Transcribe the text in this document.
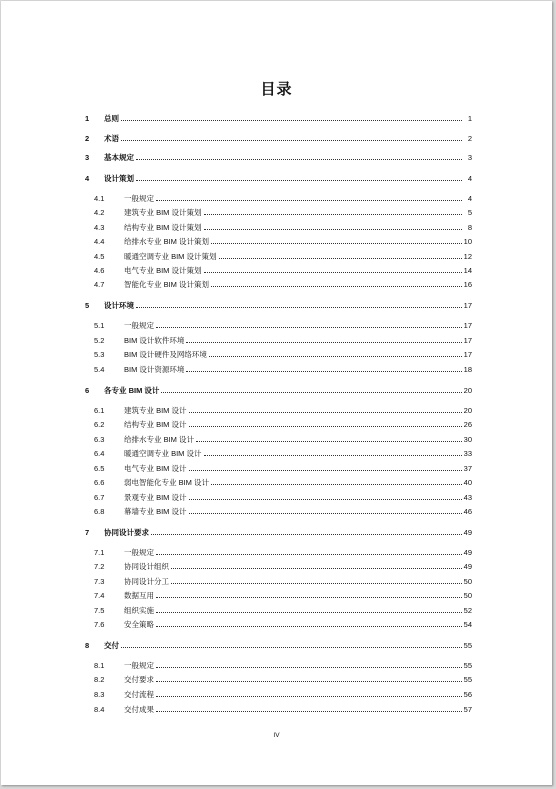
目录
1	总则	1
2	术语	2
3	基本规定	3
4	设计策划	4
4.1	一般规定	4
4.2	建筑专业 BIM 设计策划	5
4.3	结构专业 BIM 设计策划	8
4.4	给排水专业 BIM 设计策划	10
4.5	暖通空调专业 BIM 设计策划	12
4.6	电气专业 BIM 设计策划	14
4.7	智能化专业 BIM 设计策划	16
5	设计环境	17
5.1	一般规定	17
5.2	BIM 设计软件环境	17
5.3	BIM 设计硬件及网络环境	17
5.4	BIM 设计资源环境	18
6	各专业 BIM 设计	20
6.1	建筑专业 BIM 设计	20
6.2	结构专业 BIM 设计	26
6.3	给排水专业 BIM 设计	30
6.4	暖通空调专业 BIM 设计	33
6.5	电气专业 BIM 设计	37
6.6	弱电智能化专业 BIM 设计	40
6.7	景观专业 BIM 设计	43
6.8	幕墙专业 BIM 设计	46
7	协同设计要求	49
7.1	一般规定	49
7.2	协同设计组织	49
7.3	协同设计分工	50
7.4	数据互用	50
7.5	组织实施	52
7.6	安全策略	54
8	交付	55
8.1	一般规定	55
8.2	交付要求	55
8.3	交付流程	56
8.4	交付成果	57
IV
